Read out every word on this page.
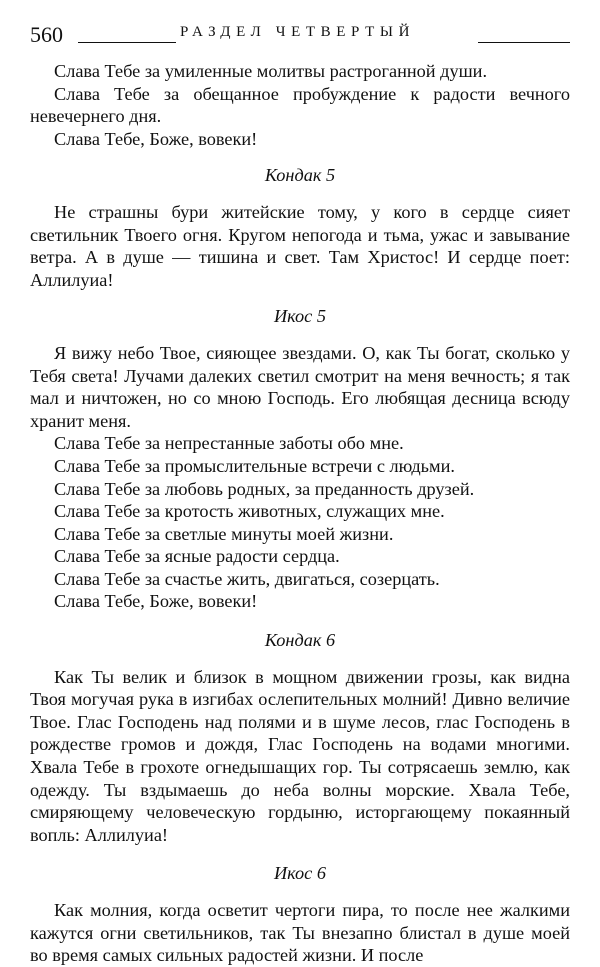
560	РАЗДЕЛ ЧЕТВЕРТЫЙ

Слава Тебе за умиленные молитвы растроганной души.

Слава Тебе за обещанное пробуждение к радости вечного невечернего дня.

Слава Тебе, Боже, вовеки!

Кондак 5

Не страшны бури житейские тому, у кого в сердце сияет светильник Твоего огня. Кругом непогода и тьма, ужас и завывание ветра. А в душе — тишина и свет. Там Христос! И сердце поет: Аллилуиа!

Икос 5

Я вижу небо Твое, сияющее звездами. О, как Ты богат, сколько у Тебя света! Лучами далеких светил смотрит на меня вечность; я так мал и ничтожен, но со мною Господь. Его любящая десница всюду хранит меня.

Слава Тебе за непрестанные заботы обо мне.

Слава Тебе за промыслительные встречи с людьми.

Слава Тебе за любовь родных, за преданность друзей.

Слава Тебе за кротость животных, служащих мне.

Слава Тебе за светлые минуты моей жизни.

Слава Тебе за ясные радости сердца.

Слава Тебе за счастье жить, двигаться, созерцать.

Слава Тебе, Боже, вовеки!

Кондак 6

Как Ты велик и близок в мощном движении грозы, как видна Твоя могучая рука в изгибах ослепительных молний! Дивно величие Твое. Глас Господень над полями и в шуме лесов, глас Господень в рождестве громов и дождя, Глас Господень на водами многими. Хвала Тебе в грохоте огнедышащих гор. Ты сотрясаешь землю, как одежду. Ты вздымаешь до неба волны морские. Хвала Тебе, смиряющему человеческую гордыню, исторгающему покаянный вопль: Аллилуиа!

Икос 6

Как молния, когда осветит чертоги пира, то после нее жалкими кажутся огни светильников, так Ты внезапно блистал в душе моей во время самых сильных радостей жизни. И после
